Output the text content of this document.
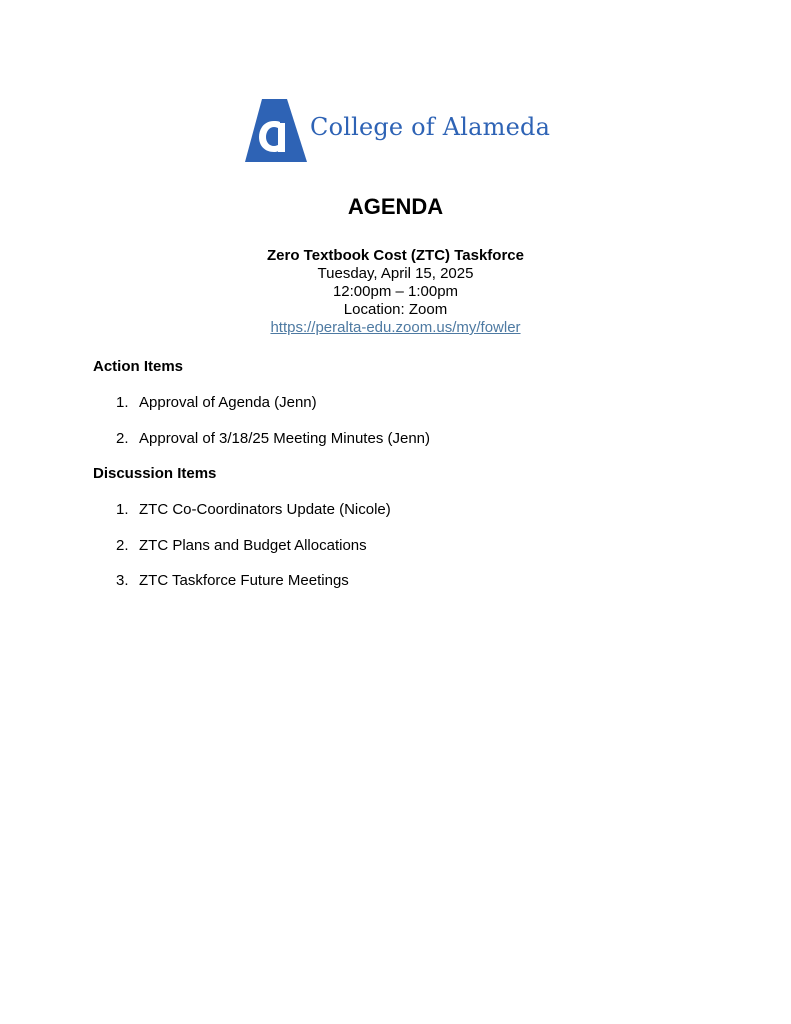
College of Alameda
AGENDA
Zero Textbook Cost (ZTC) Taskforce
Tuesday, April 15, 2025
12:00pm – 1:00pm
Location: Zoom
https://peralta-edu.zoom.us/my/fowler
Action Items
1. Approval of Agenda (Jenn)
2. Approval of 3/18/25 Meeting Minutes (Jenn)
Discussion Items
1. ZTC Co-Coordinators Update (Nicole)
2. ZTC Plans and Budget Allocations
3. ZTC Taskforce Future Meetings
